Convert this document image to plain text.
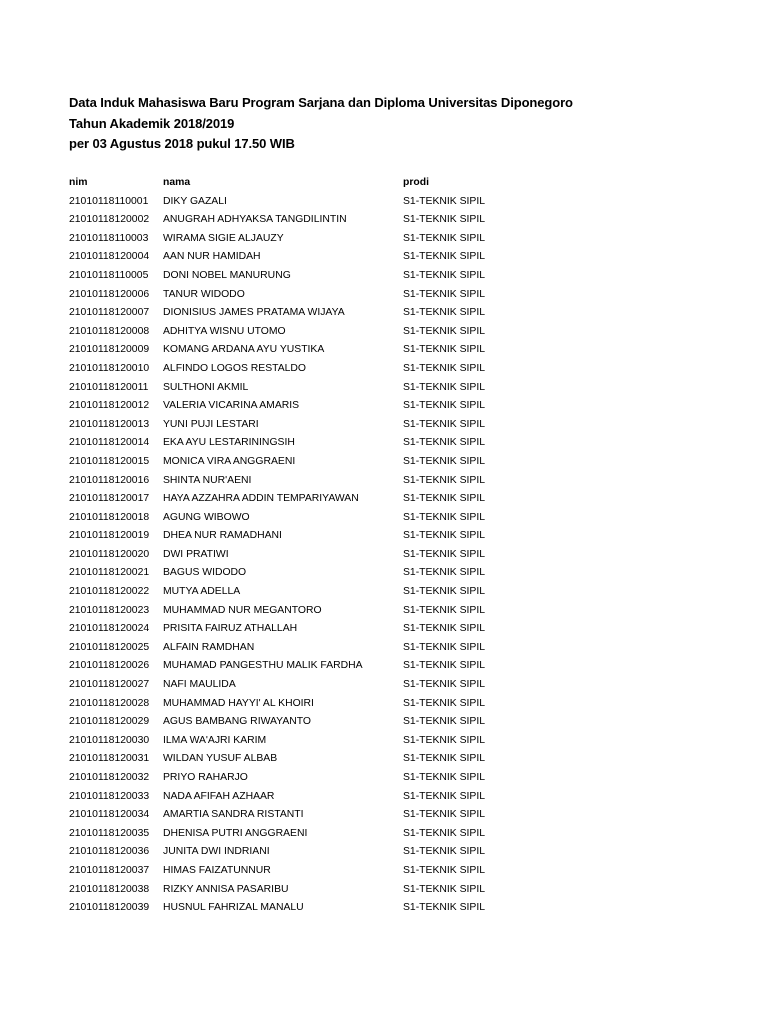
Data Induk Mahasiswa Baru Program Sarjana dan Diploma Universitas Diponegoro
Tahun Akademik 2018/2019
per 03 Agustus 2018 pukul 17.50 WIB
nim	nama	prodi
21010118110001	DIKY GAZALI	S1-TEKNIK SIPIL
21010118120002	ANUGRAH ADHYAKSA TANGDILINTIN	S1-TEKNIK SIPIL
21010118110003	WIRAMA SIGIE ALJAUZY	S1-TEKNIK SIPIL
21010118120004	AAN NUR HAMIDAH	S1-TEKNIK SIPIL
21010118110005	DONI NOBEL MANURUNG	S1-TEKNIK SIPIL
21010118120006	TANUR WIDODO	S1-TEKNIK SIPIL
21010118120007	DIONISIUS JAMES PRATAMA WIJAYA	S1-TEKNIK SIPIL
21010118120008	ADHITYA WISNU UTOMO	S1-TEKNIK SIPIL
21010118120009	KOMANG ARDANA AYU YUSTIKA	S1-TEKNIK SIPIL
21010118120010	ALFINDO LOGOS RESTALDO	S1-TEKNIK SIPIL
21010118120011	SULTHONI AKMIL	S1-TEKNIK SIPIL
21010118120012	VALERIA VICARINA AMARIS	S1-TEKNIK SIPIL
21010118120013	YUNI PUJI LESTARI	S1-TEKNIK SIPIL
21010118120014	EKA AYU LESTARININGSIH	S1-TEKNIK SIPIL
21010118120015	MONICA VIRA ANGGRAENI	S1-TEKNIK SIPIL
21010118120016	SHINTA NUR'AENI	S1-TEKNIK SIPIL
21010118120017	HAYA AZZAHRA ADDIN TEMPARIYAWAN	S1-TEKNIK SIPIL
21010118120018	AGUNG WIBOWO	S1-TEKNIK SIPIL
21010118120019	DHEA NUR RAMADHANI	S1-TEKNIK SIPIL
21010118120020	DWI PRATIWI	S1-TEKNIK SIPIL
21010118120021	BAGUS WIDODO	S1-TEKNIK SIPIL
21010118120022	MUTYA ADELLA	S1-TEKNIK SIPIL
21010118120023	MUHAMMAD NUR MEGANTORO	S1-TEKNIK SIPIL
21010118120024	PRISITA FAIRUZ ATHALLAH	S1-TEKNIK SIPIL
21010118120025	ALFAIN RAMDHAN	S1-TEKNIK SIPIL
21010118120026	MUHAMAD PANGESTHU MALIK FARDHA	S1-TEKNIK SIPIL
21010118120027	NAFI MAULIDA	S1-TEKNIK SIPIL
21010118120028	MUHAMMAD HAYYI' AL KHOIRI	S1-TEKNIK SIPIL
21010118120029	AGUS BAMBANG RIWAYANTO	S1-TEKNIK SIPIL
21010118120030	ILMA WA'AJRI KARIM	S1-TEKNIK SIPIL
21010118120031	WILDAN YUSUF ALBAB	S1-TEKNIK SIPIL
21010118120032	PRIYO RAHARJO	S1-TEKNIK SIPIL
21010118120033	NADA AFIFAH AZHAAR	S1-TEKNIK SIPIL
21010118120034	AMARTIA SANDRA RISTANTI	S1-TEKNIK SIPIL
21010118120035	DHENISA PUTRI ANGGRAENI	S1-TEKNIK SIPIL
21010118120036	JUNITA DWI INDRIANI	S1-TEKNIK SIPIL
21010118120037	HIMAS FAIZATUNNUR	S1-TEKNIK SIPIL
21010118120038	RIZKY ANNISA PASARIBU	S1-TEKNIK SIPIL
21010118120039	HUSNUL FAHRIZAL MANALU	S1-TEKNIK SIPIL
